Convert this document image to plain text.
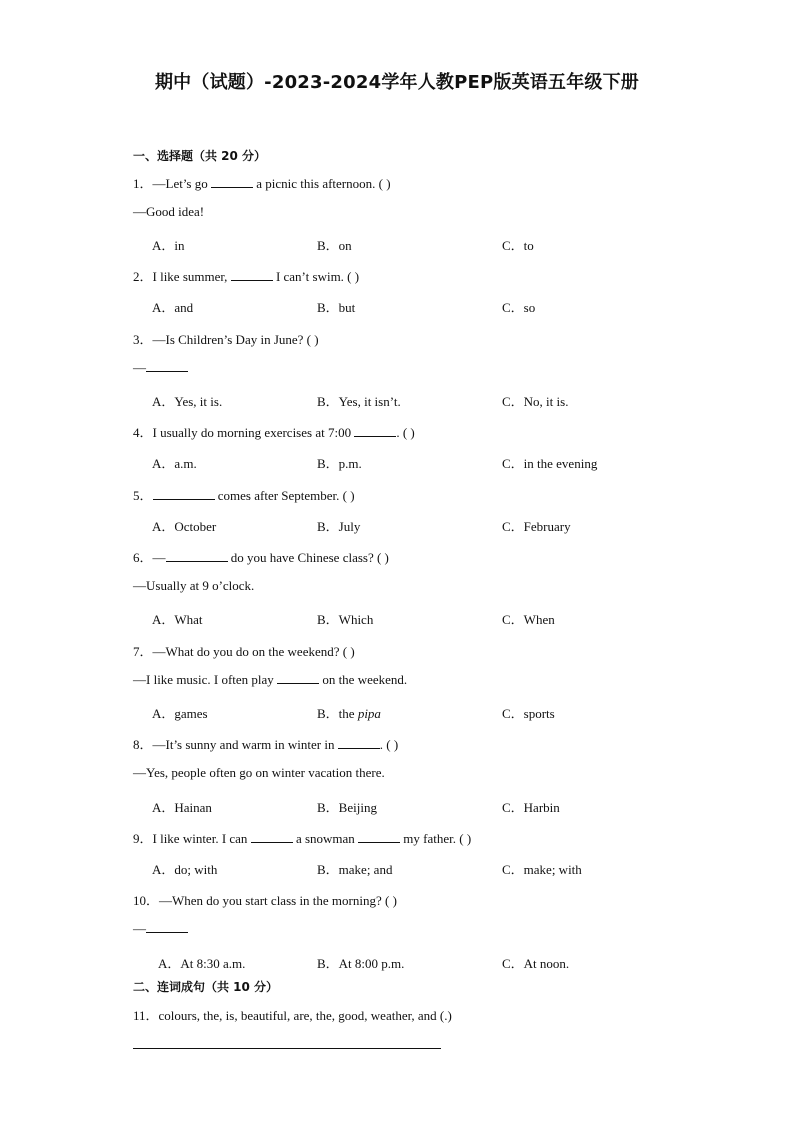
期中（试题）-2023-2024学年人教PEP版英语五年级下册
一、选择题（共 20 分）
1．—Let’s go	a picnic this afternoon. ( )
—Good idea!
A．in	B．on	C．to
2．I like summer,	I can’t swim. ( )
A．and	B．but	C．so
3．—Is Children’s Day in June? ( )
—
A．Yes, it is.	B．Yes, it isn’t.	C．No, it is.
4．I usually do morning exercises at 7:00	. ( )
A．a.m.	B．p.m.	C．in the evening
5．	comes after September. ( )
A．October	B．July	C．February
6．—	do you have Chinese class? ( )
—Usually at 9 o’clock.
A．What	B．Which	C．When
7．—What do you do on the weekend? ( )
—I like music. I often play	on the weekend.
A．games	B．the pipa	C．sports
8．—It’s sunny and warm in winter in	. ( )
—Yes, people often go on winter vacation there.
A．Hainan	B．Beijing	C．Harbin
9．I like winter. I can	a snowman	my father. ( )
A．do; with	B．make; and	C．make; with
10．—When do you start class in the morning? ( )
—
A．At 8:30 a.m.	B．At 8:00 p.m.	C．At noon.
二、连词成句（共 10 分）
11．colours, the, is, beautiful, are, the, good, weather, and (.)
